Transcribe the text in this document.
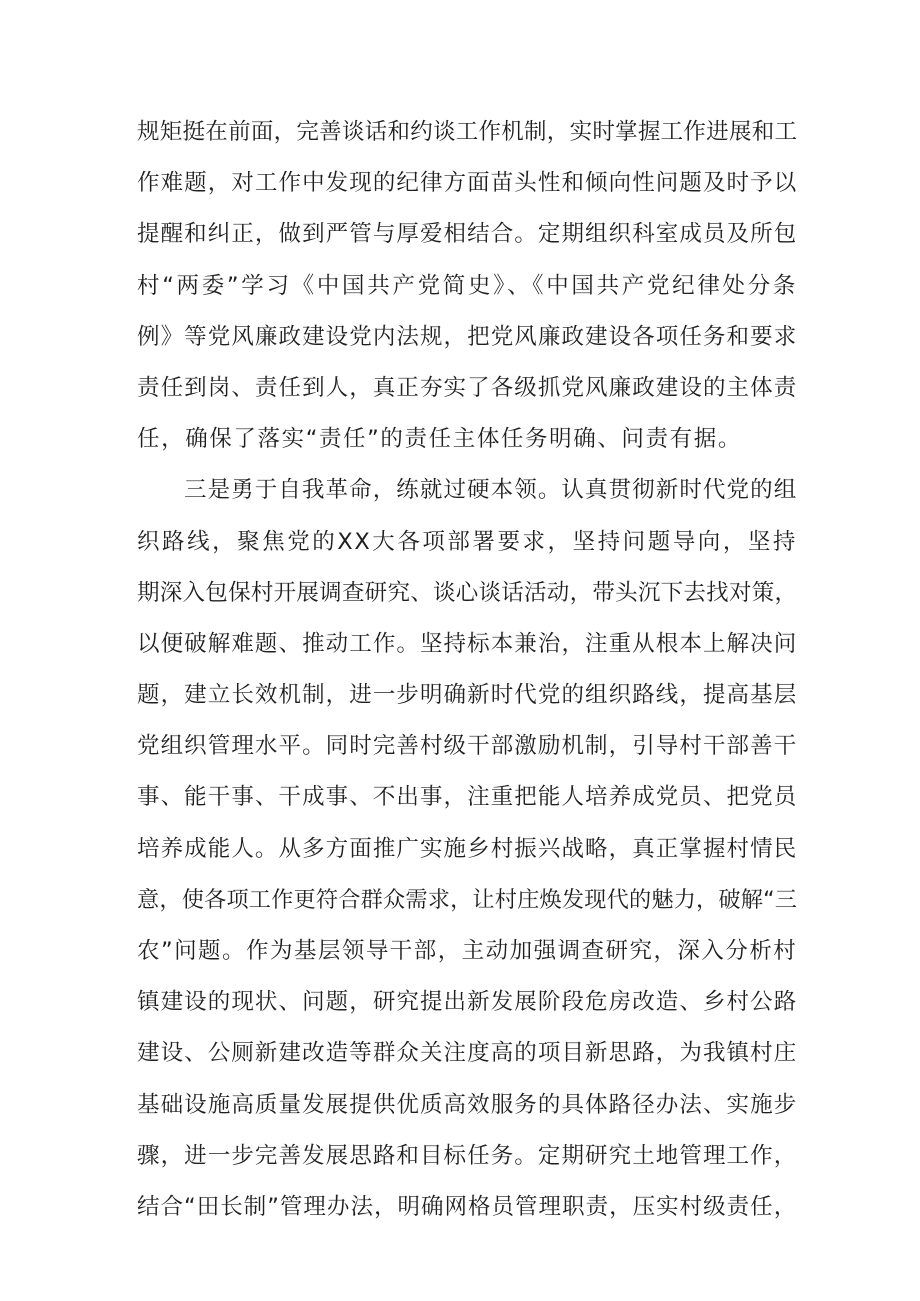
规矩挺在前面，完善谈话和约谈工作机制，实时掌握工作进展和工
作难题，对工作中发现的纪律方面苗头性和倾向性问题及时予以
提醒和纠正，做到严管与厚爱相结合。定期组织科室成员及所包
村“两委”学习《中国共产党简史》、《中国共产党纪律处分条
例》等党风廉政建设党内法规，把党风廉政建设各项任务和要求
责任到岗、责任到人，真正夯实了各级抓党风廉政建设的主体责
任，确保了落实“责任”的责任主体任务明确、问责有据。
三是勇于自我革命，练就过硬本领。认真贯彻新时代党的组
织路线，聚焦党的XX大各项部署要求，坚持问题导向，坚持
期深入包保村开展调查研究、谈心谈话活动，带头沉下去找对策，
以便破解难题、推动工作。坚持标本兼治，注重从根本上解决问
题，建立长效机制，进一步明确新时代党的组织路线，提高基层
党组织管理水平。同时完善村级干部激励机制，引导村干部善干
事、能干事、干成事、不出事，注重把能人培养成党员、把党员
培养成能人。从多方面推广实施乡村振兴战略，真正掌握村情民
意，使各项工作更符合群众需求，让村庄焕发现代的魅力，破解“三
农”问题。作为基层领导干部，主动加强调查研究，深入分析村
镇建设的现状、问题，研究提出新发展阶段危房改造、乡村公路
建设、公厕新建改造等群众关注度高的项目新思路，为我镇村庄
基础设施高质量发展提供优质高效服务的具体路径办法、实施步
骤，进一步完善发展思路和目标任务。定期研究土地管理工作，
结合“田长制”管理办法，明确网格员管理职责，压实村级责任，
